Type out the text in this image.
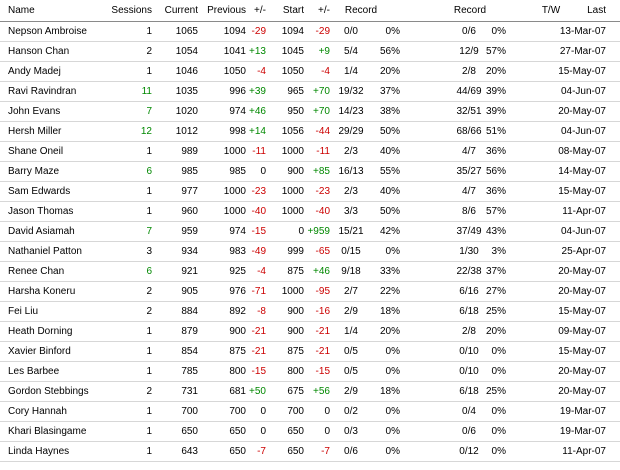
Name	Sessions	Current Previous +/-	Start	+/-	Record	Record	T/W	Last
Nepson Ambroise	1	1065	1094 -29	1094	-29	0/0	0%	0/6	0%	13-Mar-07
Hanson Chan	2	1054	1041 +13	1045	+9	5/4	56%	12/9 57%	27-Mar-07
Andy Madej	1	1046	1050	-4	1050	-4	1/4	20%	2/8	20%	15-May-07
Ravi Ravindran	11	1035	996 +39	965 +70 19/32	37%	44/69 39%	04-Jun-07
John Evans	7	1020	974 +46	950 +70 14/23	38%	32/51 39%	20-May-07
Hersh Miller	12	1012	998 +14	1056	-44 29/29	50%	68/66 51%	04-Jun-07
Shane Oneil	1	989	1000 -11	1000	-11	2/3	40%	4/7	36%	08-May-07
Barry Maze	6	985	985	0	900 +85 16/13	55%	35/27 56%	14-May-07
Sam Edwards	1	977	1000 -23	1000	-23	2/3	40%	4/7	36%	15-May-07
Jason Thomas	1	960	1000 -40	1000	-40	3/3	50%	8/6	57%	11-Apr-07
David Asiamah	7	959	974 -15	0 +959 15/21	42%	37/49 43%	04-Jun-07
Nathaniel Patton	3	934	983 -49	999	-65	0/15	0%	1/30	3%	25-Apr-07
Renee Chan	6	921	925	-4	875 +46	9/18	33%	22/38 37%	20-May-07
Harsha Koneru	2	905	976 -71	1000	-95	2/7	22%	6/16 27%	20-May-07
Fei Liu	2	884	892	-8	900	-16	2/9	18%	6/18 25%	15-May-07
Heath Dorning	1	879	900 -21	900	-21	1/4	20%	2/8	20%	09-May-07
Xavier Binford	1	854	875 -21	875	-21	0/5	0%	0/10	0%	15-May-07
Les Barbee	1	785	800 -15	800	-15	0/5	0%	0/10	0%	20-May-07
Gordon Stebbings	2	731	681 +50	675 +56	2/9	18%	6/18 25%	20-May-07
Cory Hannah	1	700	700	0	700	0	0/2	0%	0/4	0%	19-Mar-07
Khari Blasingame	1	650	650	0	650	0	0/3	0%	0/6	0%	19-Mar-07
Linda Haynes	1	643	650	-7	650	-7	0/6	0%	0/12	0%	11-Apr-07
